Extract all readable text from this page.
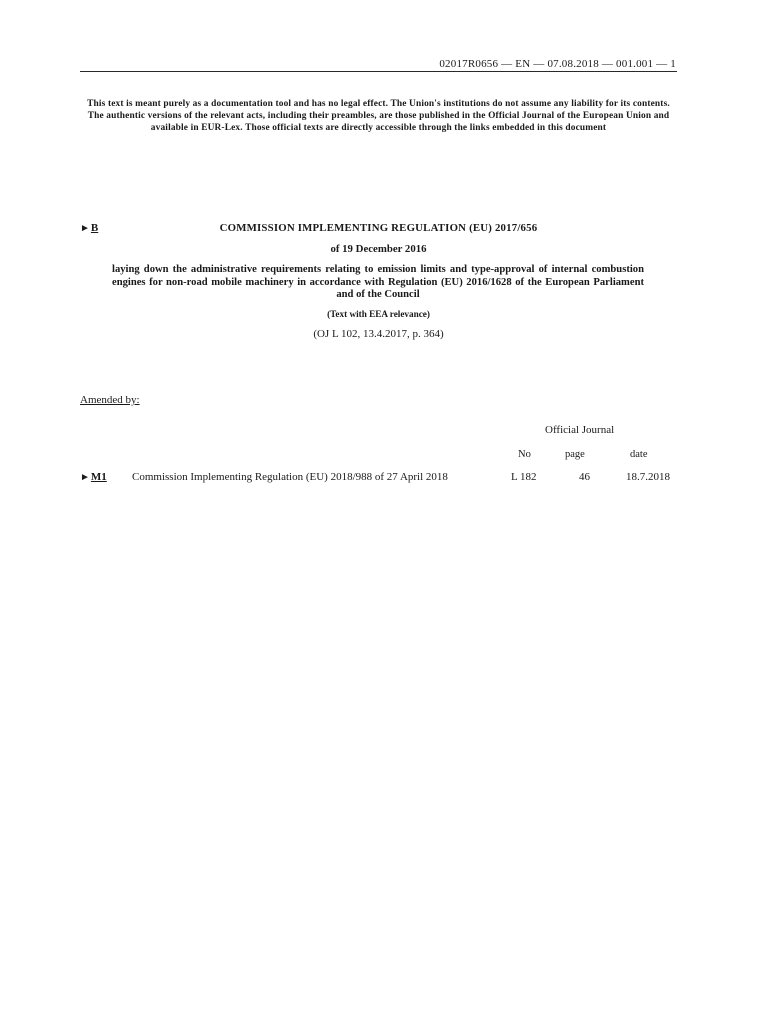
02017R0656 — EN — 07.08.2018 — 001.001 — 1
This text is meant purely as a documentation tool and has no legal effect. The Union's institutions do not assume any liability for its contents. The authentic versions of the relevant acts, including their preambles, are those published in the Official Journal of the European Union and available in EUR-Lex. Those official texts are directly accessible through the links embedded in this document
►B	COMMISSION IMPLEMENTING REGULATION (EU) 2017/656
of 19 December 2016
laying down the administrative requirements relating to emission limits and type-approval of internal combustion engines for non-road mobile machinery in accordance with Regulation (EU) 2016/1628 of the European Parliament and of the Council
(Text with EEA relevance)
(OJ L 102, 13.4.2017, p. 364)
Amended by:
Official Journal
No	page	date
►M1 Commission Implementing Regulation (EU) 2018/988 of 27 April 2018	L 182	46	18.7.2018
